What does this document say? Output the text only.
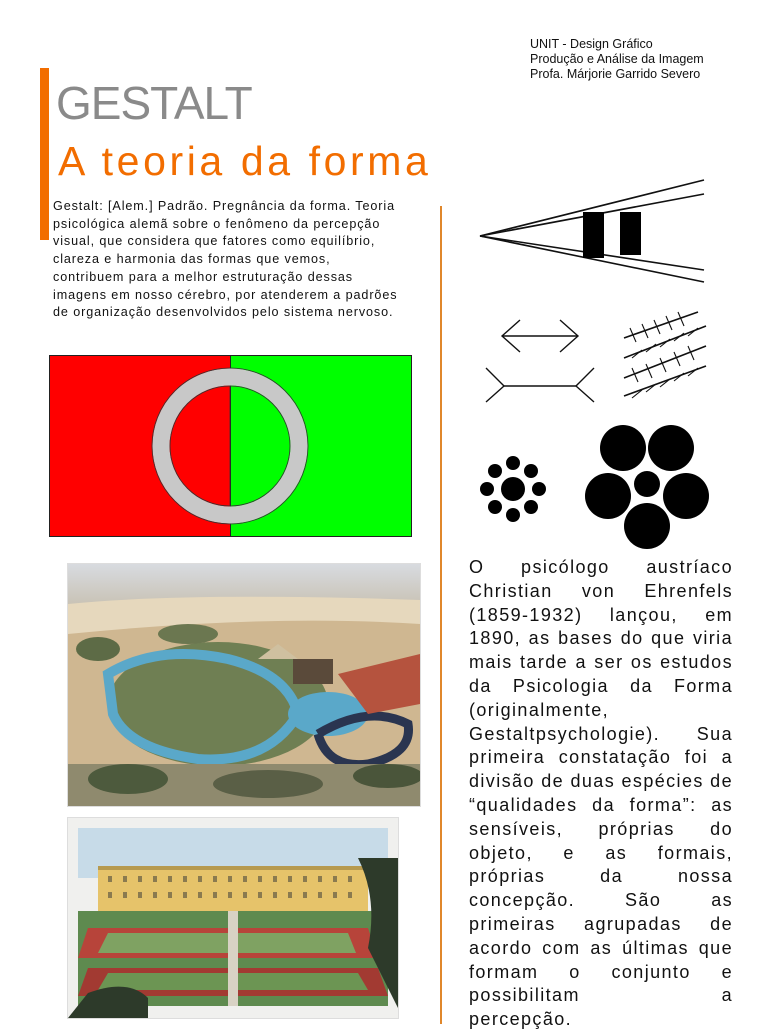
UNIT - Design Gráfico
Produção e Análise da Imagem
Profa. Márjorie Garrido Severo
GESTALT
A teoria da forma
Gestalt: [Alem.] Padrão. Pregnância da forma. Teoria psicológica alemã sobre o fenômeno da percepção visual, que considera que fatores como equilíbrio, clareza e harmonia das formas que vemos, contribuem para a melhor estruturação dessas imagens em nosso cérebro, por atenderem a padrões de organização desenvolvidos pelo sistema nervoso.
O psicólogo austríaco Christian von Ehrenfels (1859-1932) lançou, em 1890, as bases do que viria mais tarde a ser os estudos da Psicologia da Forma (originalmente, Gestaltpsychologie). Sua primeira constatação foi a divisão de duas espécies de “qualidades da forma”: as sensíveis, próprias do objeto, e as formais, próprias da nossa concepção. São as primeiras agrupadas de acordo com as últimas que formam o conjunto e possibilitam a
percepção.
